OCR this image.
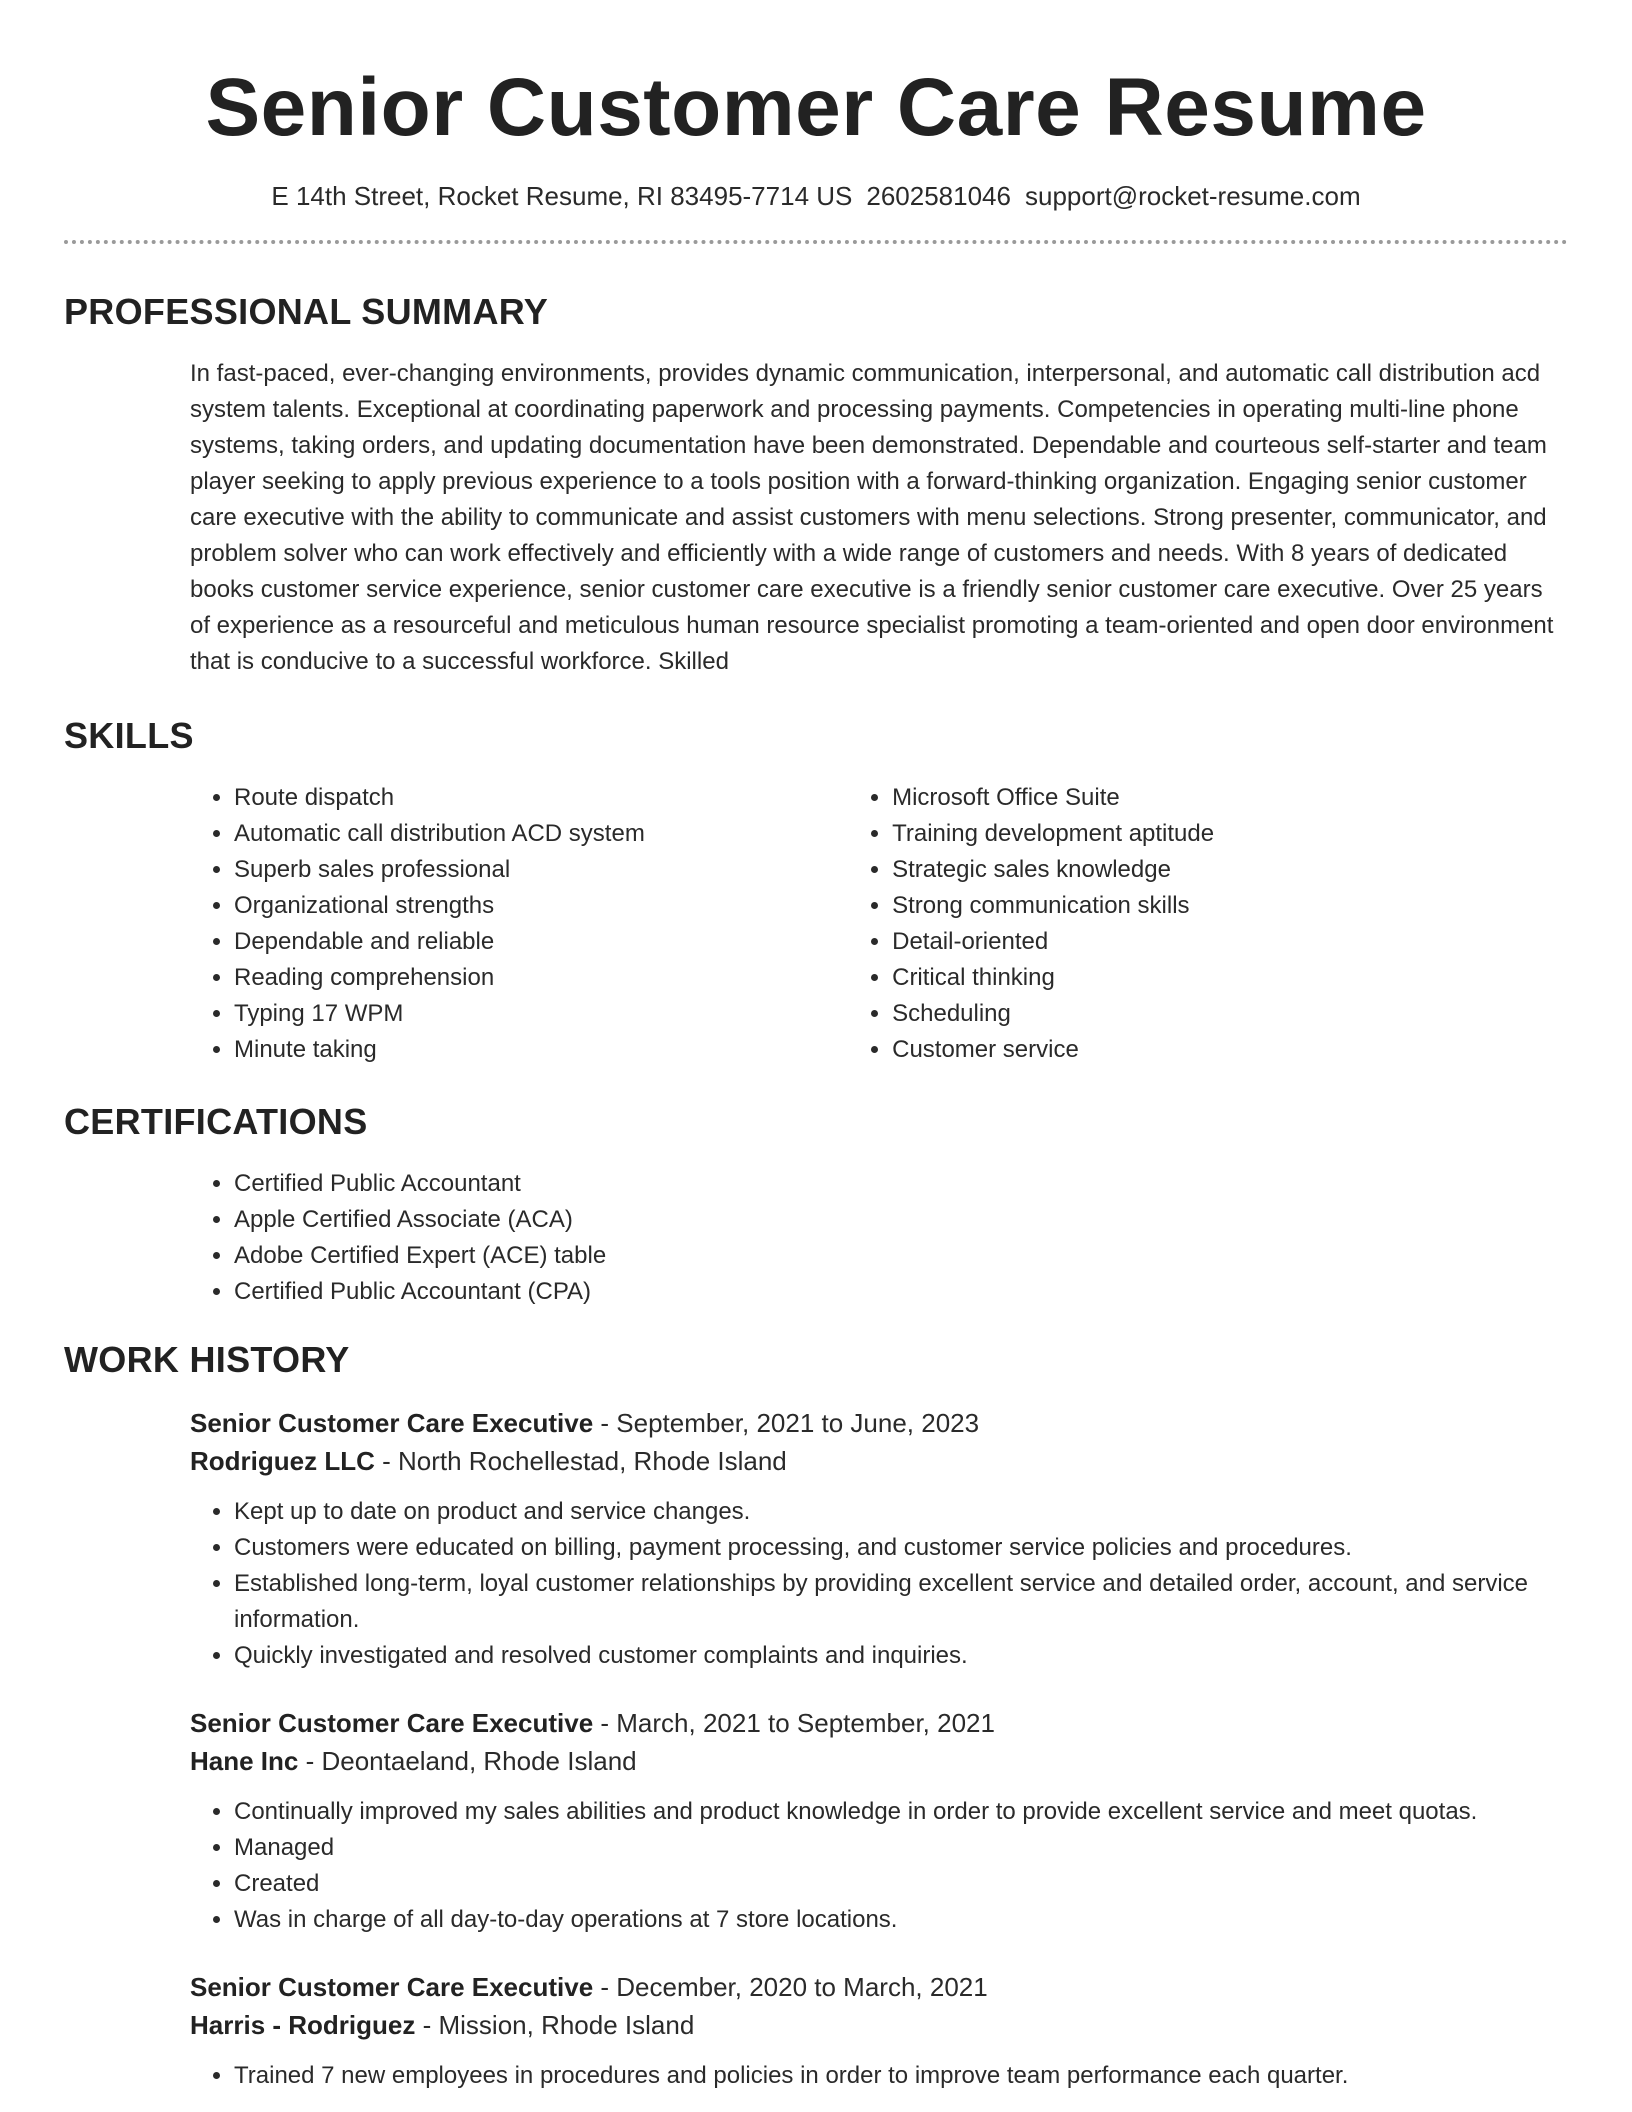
Senior Customer Care Resume
E 14th Street, Rocket Resume, RI 83495-7714 US 2602581046 support@rocket-resume.com
PROFESSIONAL SUMMARY

In fast-paced, ever-changing environments, provides dynamic communication, interpersonal, and automatic call distribution acd system talents. Exceptional at coordinating paperwork and processing payments. Competencies in operating multi-line phone systems, taking orders, and updating documentation have been demonstrated. Dependable and courteous self-starter and team player seeking to apply previous experience to a tools position with a forward-thinking organization. Engaging senior customer care executive with the ability to communicate and assist customers with menu selections. Strong presenter, communicator, and problem solver who can work effectively and efficiently with a wide range of customers and needs. With 8 years of dedicated books customer service experience, senior customer care executive is a friendly senior customer care executive. Over 25 years of experience as a resourceful and meticulous human resource specialist promoting a team-oriented and open door environment that is conducive to a successful workforce. Skilled

SKILLS
• Route dispatch
• Automatic call distribution ACD system
• Superb sales professional
• Organizational strengths
• Dependable and reliable
• Reading comprehension
• Typing 17 WPM
• Minute taking
• Microsoft Office Suite
• Training development aptitude
• Strategic sales knowledge
• Strong communication skills
• Detail-oriented
• Critical thinking
• Scheduling
• Customer service
CERTIFICATIONS
• Certified Public Accountant
• Apple Certified Associate (ACA)
• Adobe Certified Expert (ACE) table
• Certified Public Accountant (CPA)
WORK HISTORY
Senior Customer Care Executive - September, 2021 to June, 2023
Rodriguez LLC - North Rochellestad, Rhode Island
• Kept up to date on product and service changes.
• Customers were educated on billing, payment processing, and customer service policies and procedures.
• Established long-term, loyal customer relationships by providing excellent service and detailed order, account, and service information.
• Quickly investigated and resolved customer complaints and inquiries.
Senior Customer Care Executive - March, 2021 to September, 2021
Hane Inc - Deontaeland, Rhode Island
• Continually improved my sales abilities and product knowledge in order to provide excellent service and meet quotas.
• Managed
• Created
• Was in charge of all day-to-day operations at 7 store locations.
Senior Customer Care Executive - December, 2020 to March, 2021
Harris - Rodriguez - Mission, Rhode Island
• Trained 7 new employees in procedures and policies in order to improve team performance each quarter.
